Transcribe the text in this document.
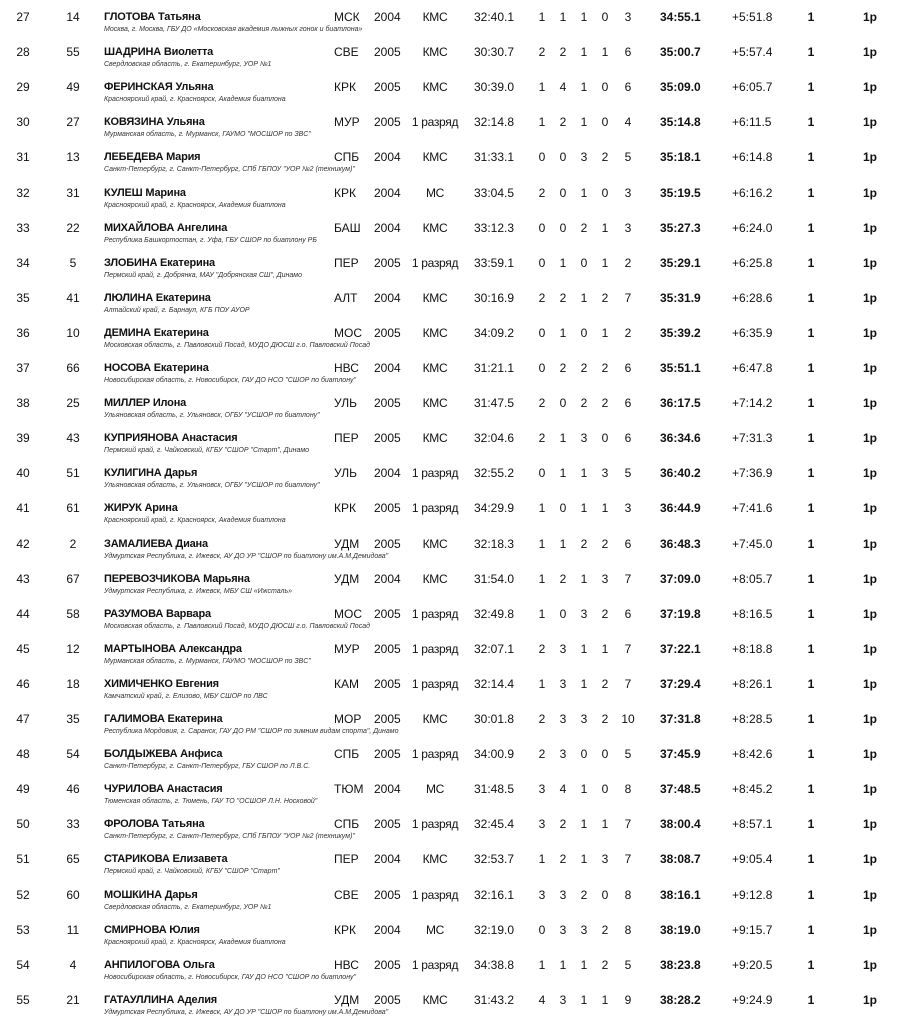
27	14	ГЛОТОВА Татьяна	МСК 2004	КМС	32:40.1 1 1 1 0	3	34:55.1	+5:51.8	1	1р
Москва, г. Москва, ГБУ ДО «Московская академия лыжных гонок и биатлона»
28	55	ШАДРИНА Виолетта	СВЕ 2005	КМС	30:30.7 2 2 1 1	6	35:00.7	+5:57.4	1	1р
Свердловская область, г. Екатеринбург, УОР №1
29	49	ФЕРИНСКАЯ Ульяна	КРК 2005	КМС	30:39.0 1 4 1 0	6	35:09.0	+6:05.7	1	1р
Красноярский край, г. Красноярск, Академия биатлона
30	27	КОВЯЗИНА Ульяна	МУР 2005 1 разряд	32:14.8 1 2 1 0	4	35:14.8	+6:11.5	1	1р
Мурманская область, г. Мурманск, ГАУМО "МОСШОР по ЗВС"
31	13	ЛЕБЕДЕВА Мария	СПБ 2004	КМС	31:33.1 0 0 3 2	5	35:18.1	+6:14.8	1	1р
Санкт-Петербург, г. Санкт-Петербург, СПб ГБПОУ "УОР №2 (техникум)"
32	31	КУЛЕШ Марина	КРК 2004	МС	33:04.5 2 0 1 0	3	35:19.5	+6:16.2	1	1р
Красноярский край, г. Красноярск, Академия биатлона
33	22	МИХАЙЛОВА Ангелина	БАШ 2004	КМС	33:12.3 0 0 2 1	3	35:27.3	+6:24.0	1	1р
Республика Башкортостан, г. Уфа, ГБУ СШОР по биатлону РБ
34	5	ЗЛОБИНА Екатерина	ПЕР 2005 1 разряд	33:59.1 0 1 0 1	2	35:29.1	+6:25.8	1	1р
Пермский край, г. Добрянка, МАУ "Добрянская СШ", Динамо
35	41	ЛЮЛИНА Екатерина	АЛТ 2004	КМС	30:16.9 2 2 1 2	7	35:31.9	+6:28.6	1	1р
Алтайский край, г. Барнаул, КГБ ПОУ АУОР
36	10	ДЕМИНА Екатерина	МОС 2005	КМС	34:09.2 0 1 0 1	2	35:39.2	+6:35.9	1	1р
Московская область, г. Павловский Посад, МУДО ДЮСШ г.о. Павловский Посад
37	66	НОСОВА Екатерина	НВС 2004	КМС	31:21.1 0 2 2 2	6	35:51.1	+6:47.8	1	1р
Новосибирская область, г. Новосибирск, ГАУ ДО НСО "СШОР по биатлону"
38	25	МИЛЛЕР Илона	УЛЬ 2005	КМС	31:47.5 2 0 2 2	6	36:17.5	+7:14.2	1	1р
Ульяновская область, г. Ульяновск, ОГБУ "УСШОР по биатлону"
39	43	КУПРИЯНОВА Анастасия	ПЕР 2005	КМС	32:04.6 2 1 3 0	6	36:34.6	+7:31.3	1	1р
Пермский край, г. Чайковский, КГБУ "СШОР "Старт", Динамо
40	51	КУЛИГИНА Дарья	УЛЬ 2004 1 разряд	32:55.2 0 1 1 3	5	36:40.2	+7:36.9	1	1р
Ульяновская область, г. Ульяновск, ОГБУ "УСШОР по биатлону"
41	61	ЖИРУК Арина	КРК 2005 1 разряд	34:29.9 1 0 1 1	3	36:44.9	+7:41.6	1	1р
Красноярский край, г. Красноярск, Академия биатлона
42	2	ЗАМАЛИЕВА Диана	УДМ 2005	КМС	32:18.3 1 1 2 2	6	36:48.3	+7:45.0	1	1р
Удмуртская Республика, г. Ижевск, АУ ДО УР "СШОР по биатлону им.А.М.Демидова"
43	67	ПЕРЕВОЗЧИКОВА Марьяна	УДМ 2004	КМС	31:54.0 1 2 1 3	7	37:09.0	+8:05.7	1	1р
Удмуртская Республика, г. Ижевск, МБУ СШ «Ижсталь»
44	58	РАЗУМОВА Варвара	МОС 2005 1 разряд	32:49.8 1 0 3 2	6	37:19.8	+8:16.5	1	1р
Московская область, г. Павловский Посад, МУДО ДЮСШ г.о. Павловский Посад
45	12	МАРТЫНОВА Александра	МУР 2005 1 разряд	32:07.1 2 3 1 1	7	37:22.1	+8:18.8	1	1р
Мурманская область, г. Мурманск, ГАУМО "МОСШОР по ЗВС"
46	18	ХИМИЧЕНКО Евгения	КАМ 2005 1 разряд	32:14.4 1 3 1 2	7	37:29.4	+8:26.1	1	1р
Камчатский край, г. Елизово, МБУ СШОР по ЛВС
47	35	ГАЛИМОВА Екатерина	МОР 2005	КМС	30:01.8 2 3 3 2 10 37:31.8	+8:28.5	1	1р
Республика Мордовия, г. Саранск, ГАУ ДО РМ "СШОР по зимним видам спорта", Динамо
48	54	БОЛДЫЖЕВА Анфиса	СПБ 2005 1 разряд	34:00.9 2 3 0 0	5	37:45.9	+8:42.6	1	1р
Санкт-Петербург, г. Санкт-Петербург, ГБУ СШОР по Л.В.С.
49	46	ЧУРИЛОВА Анастасия	ТЮМ 2004	МС	31:48.5 3 4 1 0	8	37:48.5	+8:45.2	1	1р
Тюменская область, г. Тюмень, ГАУ ТО "ОСШОР Л.Н. Носковой"
50	33	ФРОЛОВА Татьяна	СПБ 2005 1 разряд	32:45.4 3 2 1 1	7	38:00.4	+8:57.1	1	1р
Санкт-Петербург, г. Санкт-Петербург, СПб ГБПОУ "УОР №2 (техникум)"
51	65	СТАРИКОВА Елизавета	ПЕР 2004	КМС	32:53.7 1 2 1 3	7	38:08.7	+9:05.4	1	1р
Пермский край, г. Чайковский, КГБУ "СШОР "Старт"
52	60	МОШКИНА Дарья	СВЕ 2005 1 разряд	32:16.1 3 3 2 0	8	38:16.1	+9:12.8	1	1р
Свердловская область, г. Екатеринбург, УОР №1
53	11	СМИРНОВА Юлия	КРК 2004	МС	32:19.0 0 3 3 2	8	38:19.0	+9:15.7	1	1р
Красноярский край, г. Красноярск, Академия биатлона
54	4	АНПИЛОГОВА Ольга	НВС 2005 1 разряд	34:38.8 1 1 1 2	5	38:23.8	+9:20.5	1	1р
Новосибирская область, г. Новосибирск, ГАУ ДО НСО "СШОР по биатлону"
55	21	ГАТАУЛЛИНА Аделия	УДМ 2005	КМС	31:43.2 4 3 1 1	9	38:28.2	+9:24.9	1	1р
Удмуртская Республика, г. Ижевск, АУ ДО УР "СШОР по биатлону им.А.М.Демидова"
